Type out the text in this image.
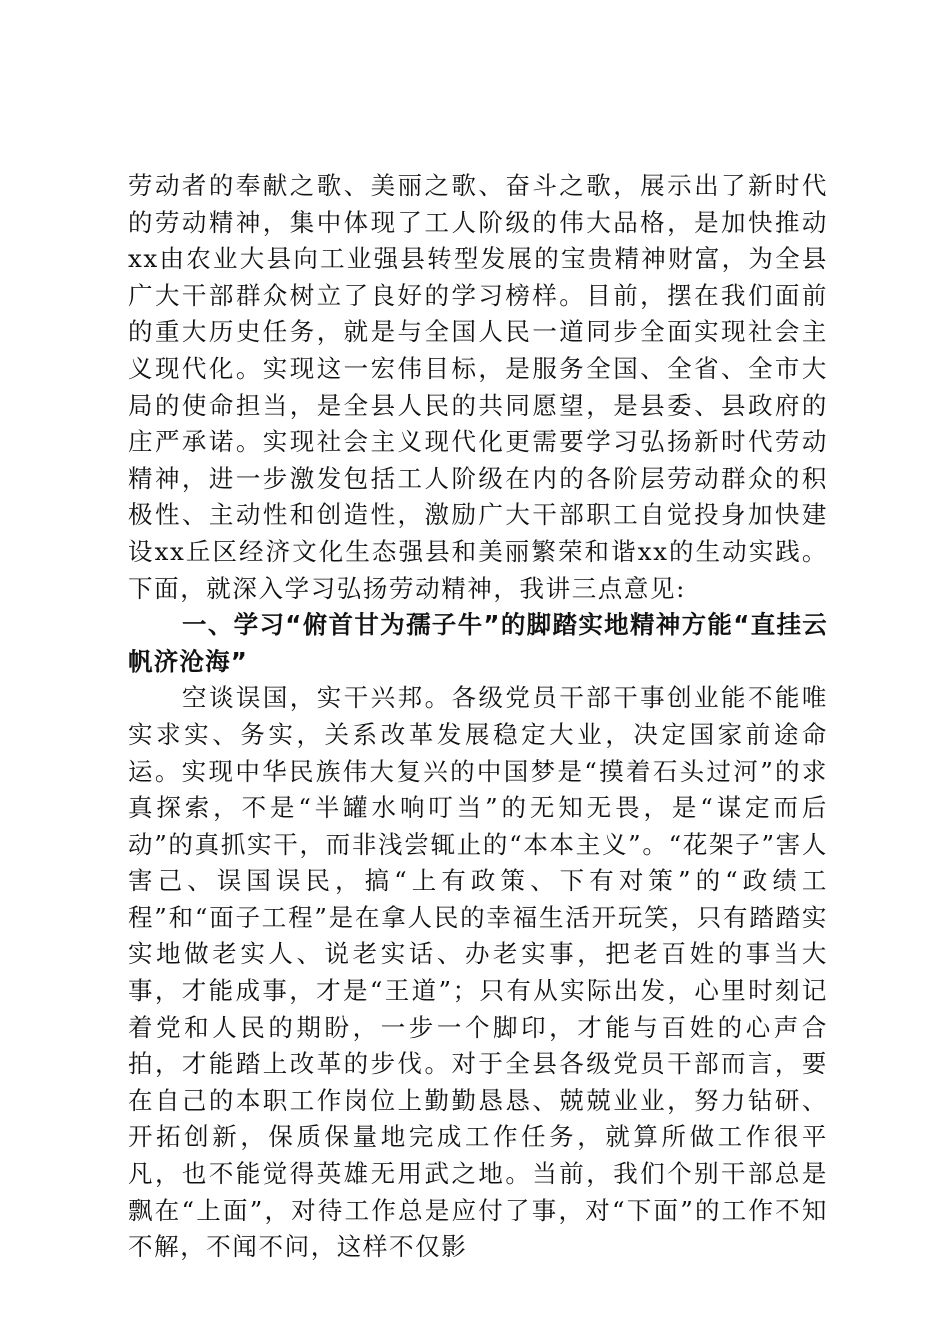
劳动者的奉献之歌、美丽之歌、奋斗之歌，展示出了新时代的劳动精神，集中体现了工人阶级的伟大品格，是加快推动xx由农业大县向工业强县转型发展的宝贵精神财富，为全县广大干部群众树立了良好的学习榜样。目前，摆在我们面前的重大历史任务，就是与全国人民一道同步全面实现社会主义现代化。实现这一宏伟目标，是服务全国、全省、全市大局的使命担当，是全县人民的共同愿望，是县委、县政府的庄严承诺。实现社会主义现代化更需要学习弘扬新时代劳动精神，进一步激发包括工人阶级在内的各阶层劳动群众的积极性、主动性和创造性，激励广大干部职工自觉投身加快建设xx丘区经济文化生态强县和美丽繁荣和谐xx的生动实践。下面，就深入学习弘扬劳动精神，我讲三点意见:

一、学习“俯首甘为孺子牛”的脚踏实地精神方能“直挂云帆济沧海”

空谈误国，实干兴邦。各级党员干部干事创业能不能唯实求实、务实，关系改革发展稳定大业，决定国家前途命运。实现中华民族伟大复兴的中国梦是“摸着石头过河”的求真探索，不是“半罐水响叮当”的无知无畏，是“谋定而后动”的真抓实干，而非浅尝辄止的“本本主义”。“花架子”害人害己、误国误民，搞“上有政策、下有对策”的“政绩工程”和“面子工程”是在拿人民的幸福生活开玩笑，只有踏踏实实地做老实人、说老实话、办老实事，把老百姓的事当大事，才能成事，才是“王道”；只有从实际出发，心里时刻记着党和人民的期盼，一步一个脚印，才能与百姓的心声合拍，才能踏上改革的步伐。对于全县各级党员干部而言，要在自己的本职工作岗位上勤勤恳恳、兢兢业业，努力钻研、开拓创新，保质保量地完成工作任务，就算所做工作很平凡，也不能觉得英雄无用武之地。当前，我们个别干部总是飘在“上面”，对待工作总是应付了事，对“下面”的工作不知不解，不闻不问，这样不仅影
